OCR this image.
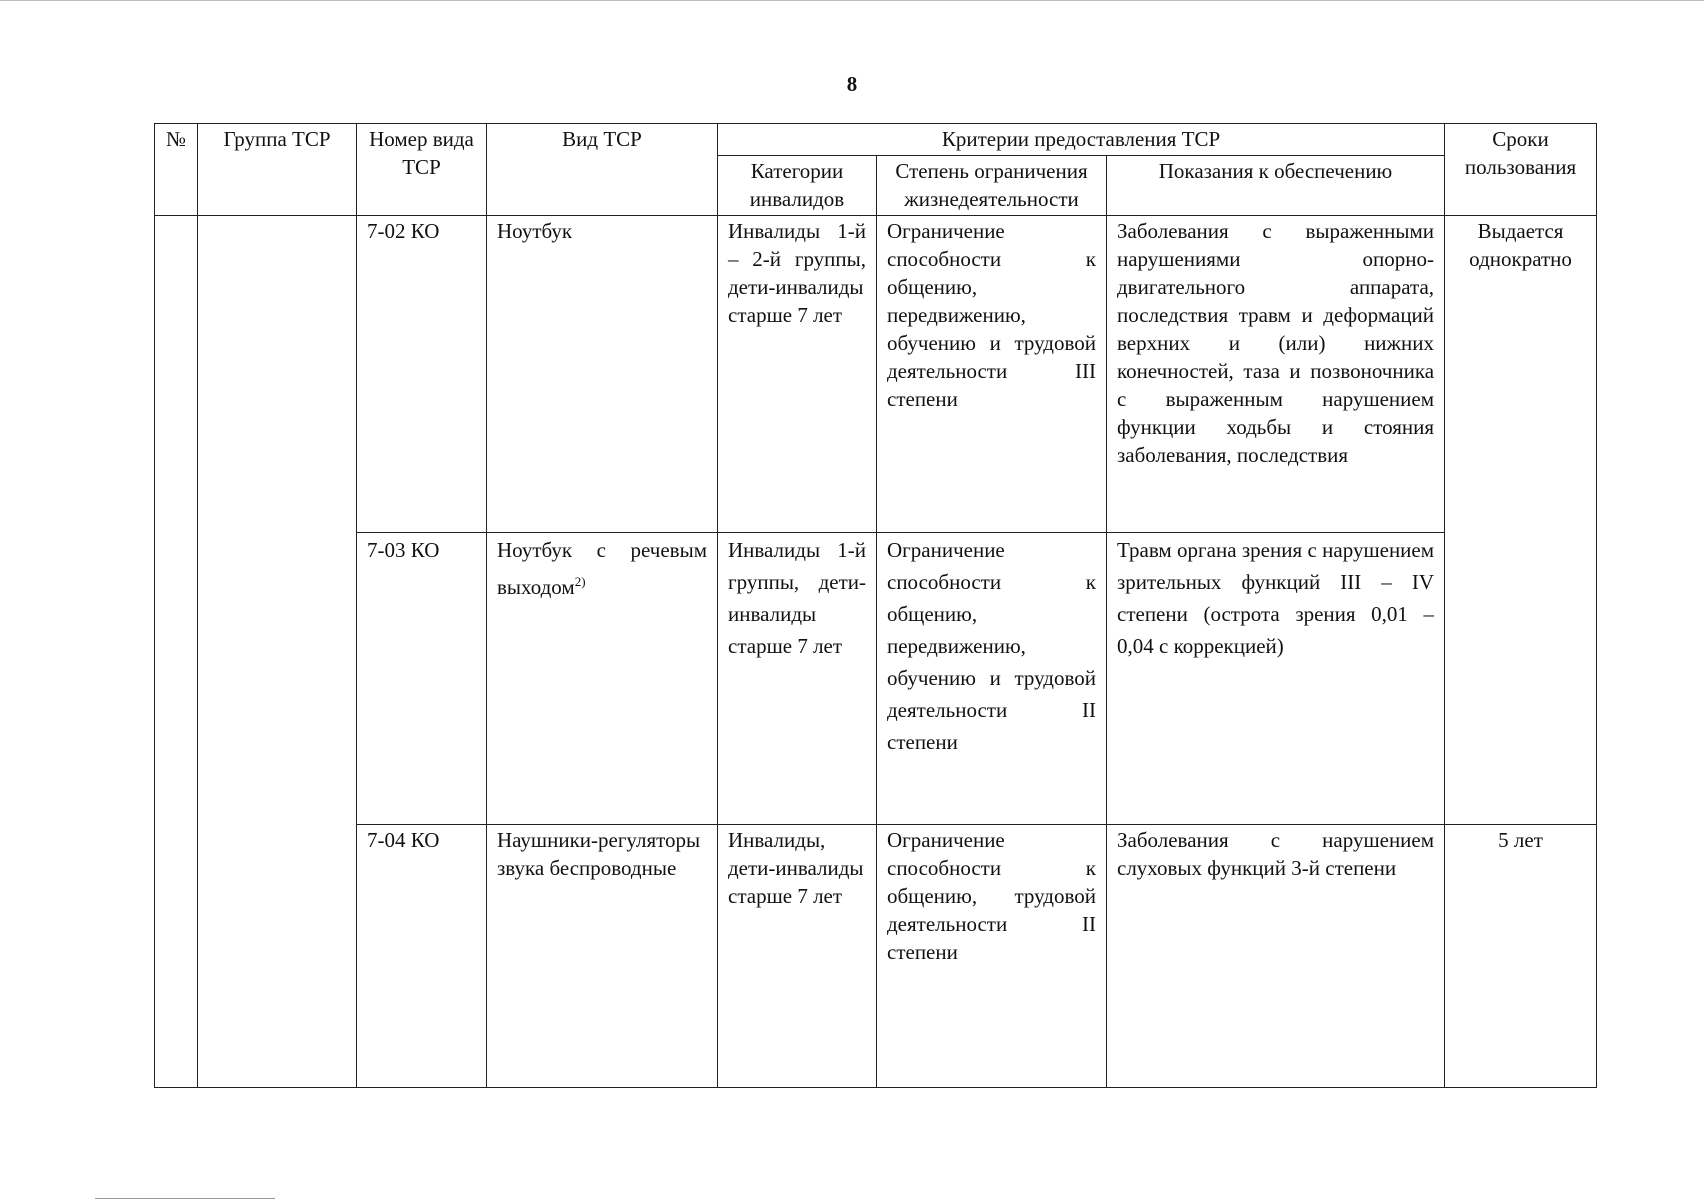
8
№	Группа ТСР	Номер вида ТСР	Вид ТСР	Критерии предоставления ТСР			Сроки пользования
				Категории инвалидов	Степень ограничения жизнедеятельности	Показания к обеспечению	
		7-02 КО	Ноутбук	Инвалиды 1-й – 2-й группы, дети-инвалиды старше 7 лет	Ограничение способности к общению, передвижению, обучению и трудовой деятельности III степени	Заболевания с выраженными нарушениями опорно-двигательного аппарата, последствия травм и деформаций верхних и (или) нижних конечностей, таза и позвоночника с выраженным нарушением функции ходьбы и стояния заболевания, последствия	Выдается однократно
		7-03 КО	Ноутбук с речевым выходом$^{2)}$	Инвалиды 1-й группы, дети-инвалиды старше 7 лет	Ограничение способности к общению, передвижению, обучению и трудовой деятельности II степени	Травм органа зрения с нарушением зрительных функций III – IV степени (острота зрения 0,01 – 0,04 с коррекцией)	
		7-04 КО	Наушники-регуляторы звука беспроводные	Инвалиды, дети-инвалиды старше 7 лет	Ограничение способности к общению, трудовой деятельности II степени	Заболевания с нарушением слуховых функций 3-й степени	5 лет
